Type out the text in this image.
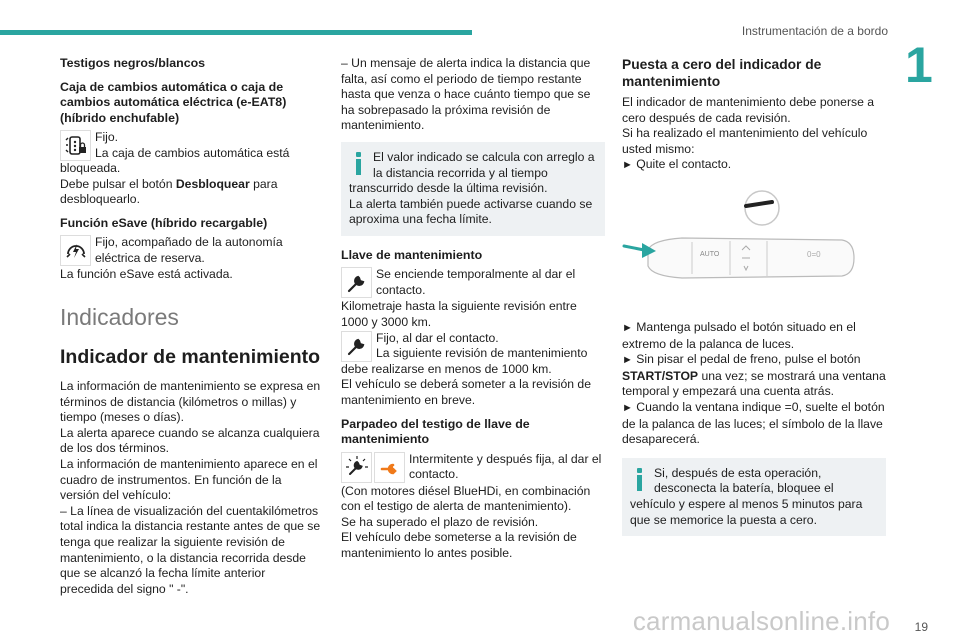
Instrumentación de a bordo
1
Testigos negros/blancos
Caja de cambios automática o caja de cambios automática eléctrica (e-EAT8) (híbrido enchufable)

Fijo.

La caja de cambios automática está bloqueada.

Debe pulsar el botón Desbloquear para desbloquearlo.

Función eSave (híbrido recargable)

Fijo, acompañado de la autonomía eléctrica de reserva.

La función eSave está activada.

Indicadores
Indicador de mantenimiento

La información de mantenimiento se expresa en términos de distancia (kilómetros o millas) y tiempo (meses o días).

La alerta aparece cuando se alcanza cualquiera de los dos términos.

La información de mantenimiento aparece en el cuadro de instrumentos. En función de la versión del vehículo:

– La línea de visualización del cuentakilómetros total indica la distancia restante antes de que se tenga que realizar la siguiente revisión de mantenimiento, o la distancia recorrida desde que se alcanzó la fecha límite anterior precedida del signo " -".

– Un mensaje de alerta indica la distancia que falta, así como el periodo de tiempo restante hasta que venza o hace cuánto tiempo que se ha sobrepasado la próxima revisión de mantenimiento.

El valor indicado se calcula con arreglo a la distancia recorrida y al tiempo transcurrido desde la última revisión.

La alerta también puede activarse cuando se aproxima una fecha límite.

Llave de mantenimiento

Se enciende temporalmente al dar el contacto.

Kilometraje hasta la siguiente revisión entre 1000 y 3000 km.

Fijo, al dar el contacto.

La siguiente revisión de mantenimiento debe realizarse en menos de 1000 km.

El vehículo se deberá someter a la revisión de mantenimiento en breve.

Parpadeo del testigo de llave de mantenimiento

Intermitente y después fija, al dar el contacto.

(Con motores diésel BlueHDi, en combinación con el testigo de alerta de mantenimiento).

Se ha superado el plazo de revisión.

El vehículo debe someterse a la revisión de mantenimiento lo antes posible.

Puesta a cero del indicador de mantenimiento

El indicador de mantenimiento debe ponerse a cero después de cada revisión.

Si ha realizado el mantenimiento del vehículo usted mismo:

► Quite el contacto.

AUTO	0=0

► Mantenga pulsado el botón situado en el extremo de la palanca de luces.

► Sin pisar el pedal de freno, pulse el botón START/STOP una vez; se mostrará una ventana temporal y empezará una cuenta atrás.

► Cuando la ventana indique =0, suelte el botón de la palanca de las luces; el símbolo de la llave desaparecerá.

Si, después de esta operación, desconecta la batería, bloquee el vehículo y espere al menos 5 minutos para que se memorice la puesta a cero.

carmanualsonline.info 19
